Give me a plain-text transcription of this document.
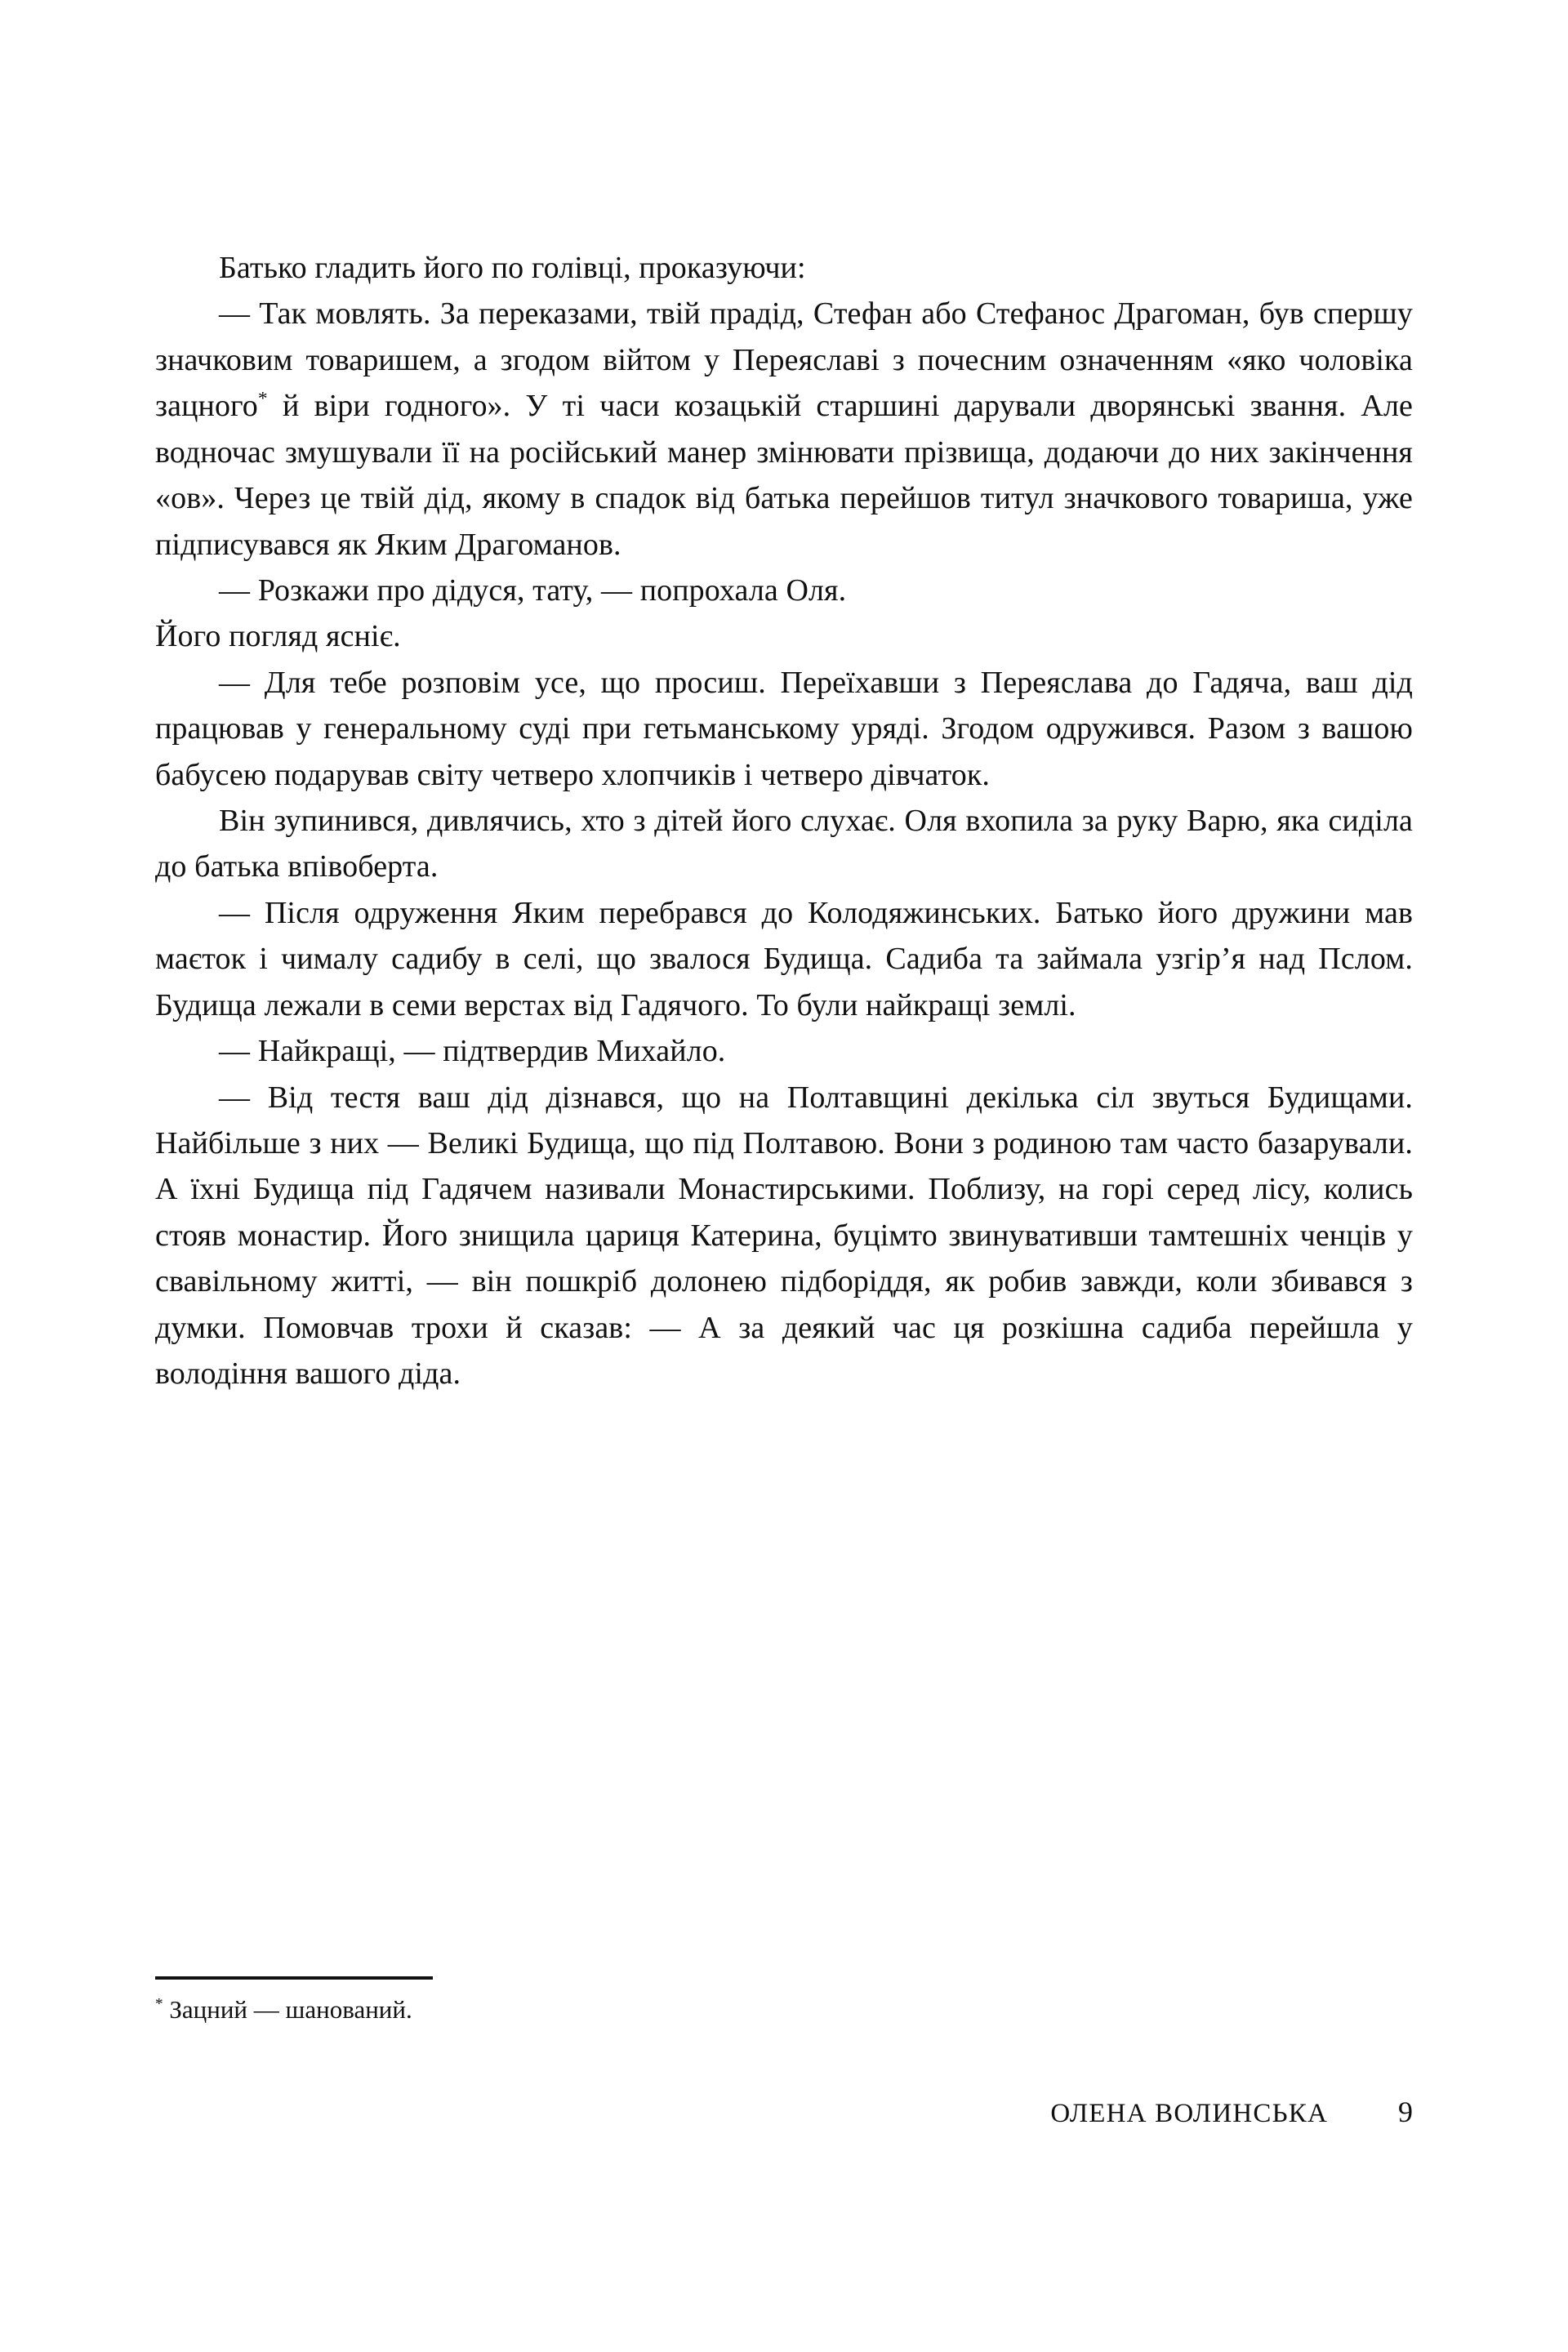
Батько гладить його по голівці, проказуючи:

— Так мовлять. За переказами, твій прадід, Стефан або Стефанос Драгоман, був спершу значковим товаришем, а згодом війтом у Переяславі з почесним означенням «яко чоловіка зацного* й віри годного». У ті часи козацькій старшині дарували дворянські звання. Але водночас змушували її на російський манер змінювати прізвища, додаючи до них закінчення «ов». Через це твій дід, якому в спадок від батька перейшов титул значкового товариша, уже підписувався як Яким Драгоманов.

— Розкажи про дідуся, тату, — попрохала Оля.

Його погляд ясніє.

— Для тебе розповім усе, що просиш. Переїхавши з Переяслава до Гадяча, ваш дід працював у генеральному суді при гетьманському уряді. Згодом одружився. Разом з вашою бабусею подарував світу четверо хлопчиків і четверо дівчаток.

Він зупинився, дивлячись, хто з дітей його слухає. Оля вхопила за руку Варю, яка сиділа до батька впівоберта.

— Після одруження Яким перебрався до Колодяжинських. Батько його дружини мав маєток і чималу садибу в селі, що звалося Будища. Садиба та займала узгір’я над Пслом. Будища лежали в семи верстах від Гадячого. То були найкращі землі.

— Найкращі, — підтвердив Михайло.

— Від тестя ваш дід дізнався, що на Полтавщині декілька сіл звуться Будищами. Найбільше з них — Великі Будища, що під Полтавою. Вони з родиною там часто базарували. А їхні Будища під Гадячем називали Монастирськими. Поблизу, на горі серед лісу, колись стояв монастир. Його знищила цариця Катерина, буцімто звинувативши тамтешніх ченців у свавільному житті, — він пошкріб долонею підборіддя, як робив завжди, коли збивався з думки. Помовчав трохи й сказав: — А за деякий час ця розкішна садиба перейшла у володіння вашого діда.

* Зацний — шанований.

ОЛЕНА ВОЛИНСЬКА	9
